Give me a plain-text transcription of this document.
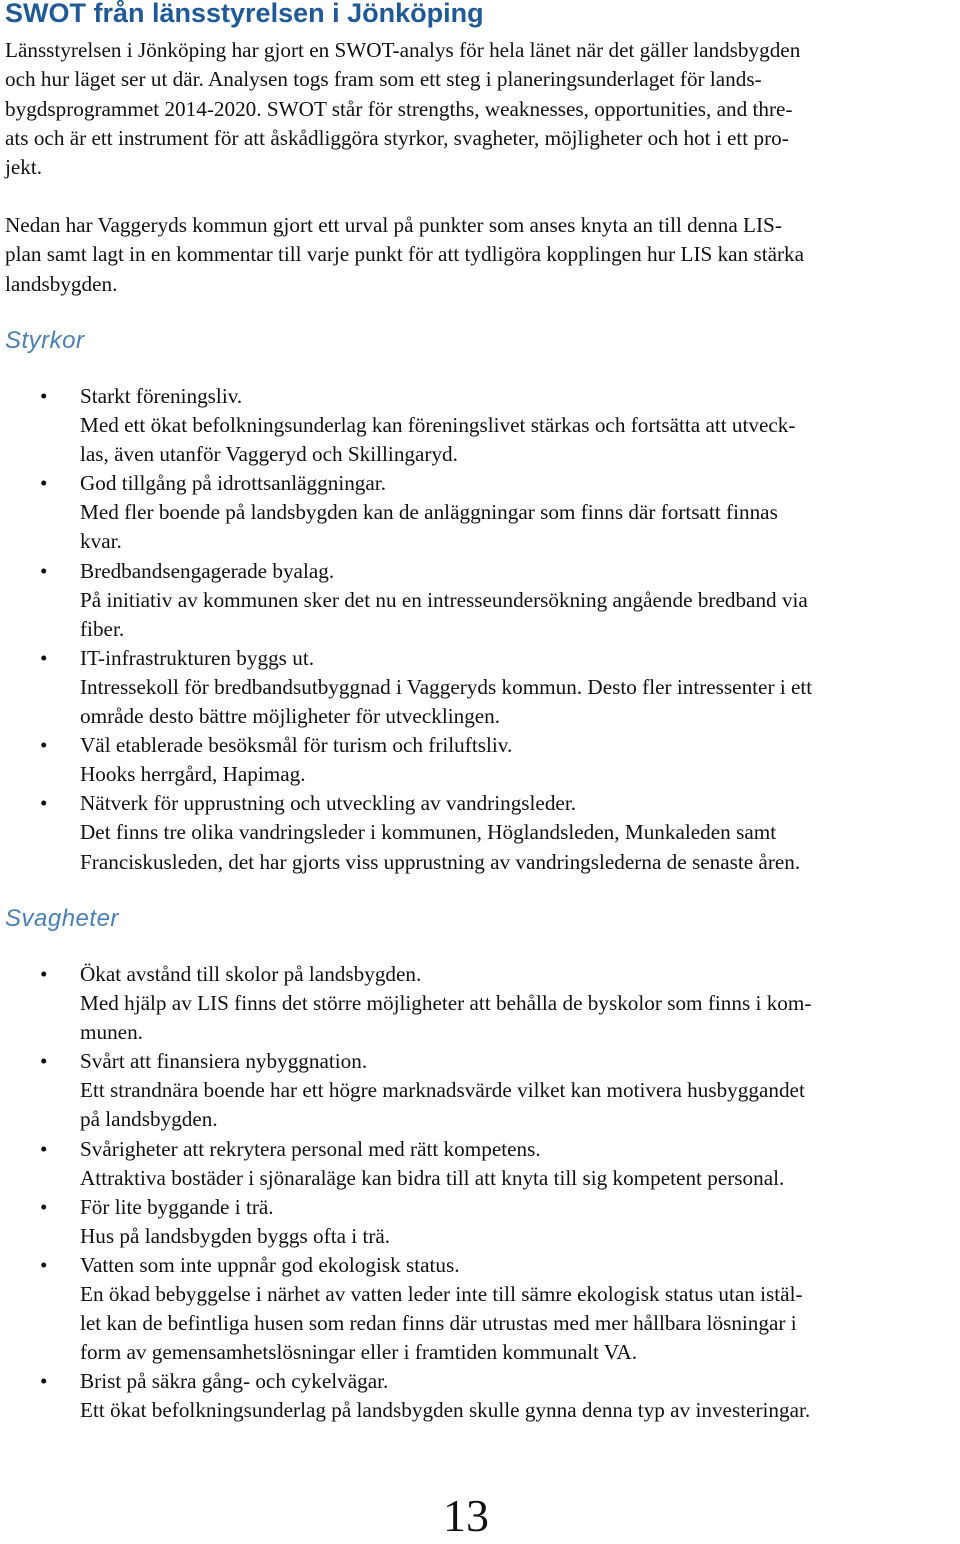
SWOT från länsstyrelsen i Jönköping

Länsstyrelsen i Jönköping har gjort en SWOT-analys för hela länet när det gäller landsbygden
och hur läget ser ut där. Analysen togs fram som ett steg i planeringsunderlaget för lands-
bygdsprogrammet 2014-2020. SWOT står för strengths, weaknesses, opportunities, and thre-
ats och är ett instrument för att åskådliggöra styrkor, svagheter, möjligheter och hot i ett pro-
jekt.

Nedan har Vaggeryds kommun gjort ett urval på punkter som anses knyta an till denna LIS-
plan samt lagt in en kommentar till varje punkt för att tydligöra kopplingen hur LIS kan stärka
landsbygden.

Styrkor
• Starkt föreningsliv.
Med ett ökat befolkningsunderlag kan föreningslivet stärkas och fortsätta att utveck-
las, även utanför Vaggeryd och Skillingaryd.
• God tillgång på idrottsanläggningar.
Med fler boende på landsbygden kan de anläggningar som finns där fortsatt finnas
kvar.
• Bredbandsengagerade byalag.
På initiativ av kommunen sker det nu en intresseundersökning angående bredband via
fiber.
• IT-infrastrukturen byggs ut.
Intressekoll för bredbandsutbyggnad i Vaggeryds kommun. Desto fler intressenter i ett
område desto bättre möjligheter för utvecklingen.
• Väl etablerade besöksmål för turism och friluftsliv.
Hooks herrgård, Hapimag.
• Nätverk för upprustning och utveckling av vandringsleder.
Det finns tre olika vandringsleder i kommunen, Höglandsleden, Munkaleden samt
Franciskusleden, det har gjorts viss upprustning av vandringslederna de senaste åren.
Svagheter
• Ökat avstånd till skolor på landsbygden.
Med hjälp av LIS finns det större möjligheter att behålla de byskolor som finns i kom-
munen.
• Svårt att finansiera nybyggnation.
Ett strandnära boende har ett högre marknadsvärde vilket kan motivera husbyggandet
på landsbygden.
• Svårigheter att rekrytera personal med rätt kompetens.
Attraktiva bostäder i sjönaraläge kan bidra till att knyta till sig kompetent personal.
• För lite byggande i trä.
Hus på landsbygden byggs ofta i trä.
• Vatten som inte uppnår god ekologisk status.
En ökad bebyggelse i närhet av vatten leder inte till sämre ekologisk status utan istäl-
let kan de befintliga husen som redan finns där utrustas med mer hållbara lösningar i
form av gemensamhetslösningar eller i framtiden kommunalt VA.
• Brist på säkra gång- och cykelvägar.
Ett ökat befolkningsunderlag på landsbygden skulle gynna denna typ av investeringar.
13
